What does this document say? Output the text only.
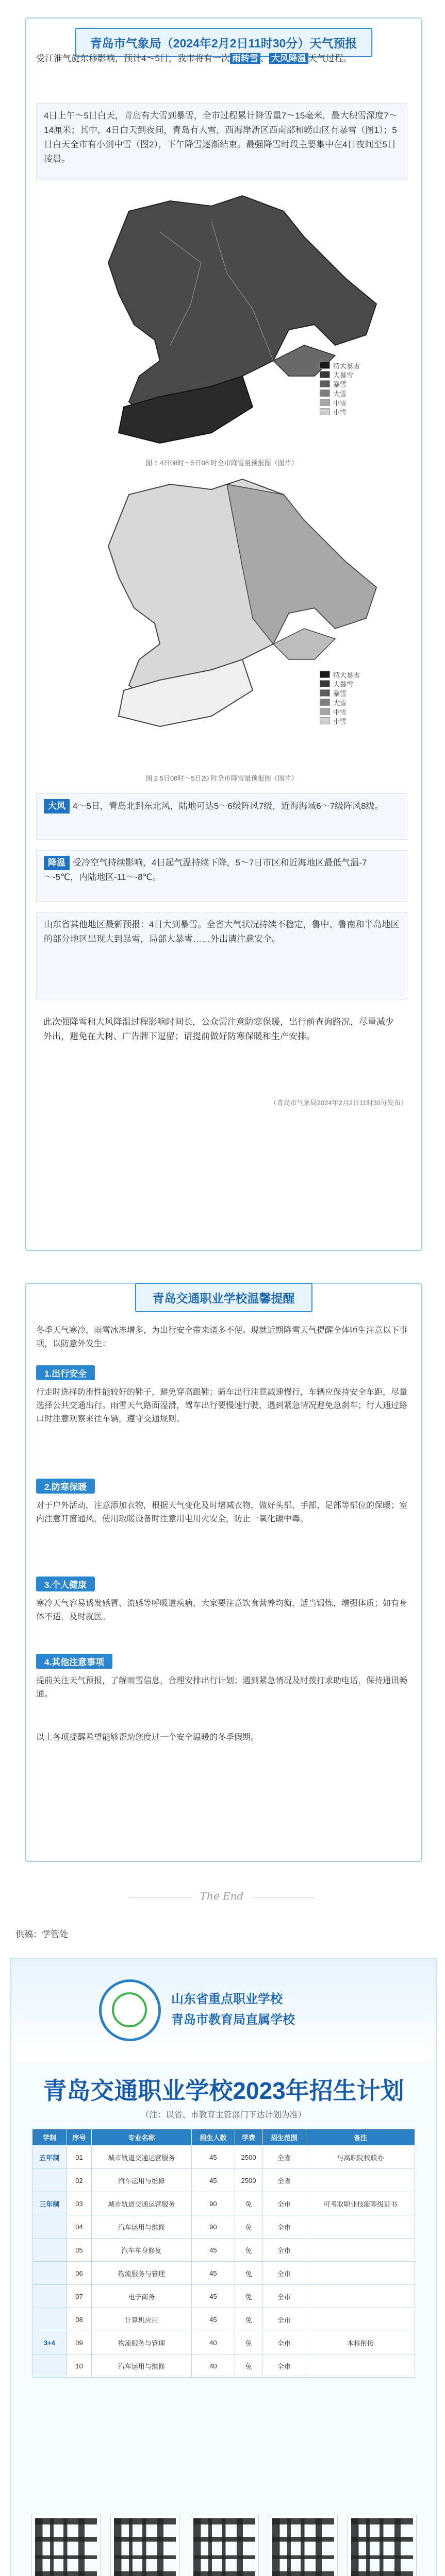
青岛市气象局（2024年2月2日11时30分）天气预报
受江淮气旋东移影响，预计4～5日，我市将有一次 雨转雪 、 大风降温 天气过程。
4日上午～5日白天，青岛有大雪到暴雪，全市过程累计降雪量7～15毫米，最大积雪深度7～14厘米；其中，4日白天到夜间，青岛有大雪，西海岸新区西南部和崂山区有暴雪（图1）；5日白天全市有小到中雪（图2），下午降雪逐渐结束。最强降雪时段主要集中在4日夜间至5日凌晨。
特大暴雪
大暴雪
暴雪
大雪
中雪
小雪
图 1 4日08时～5日08 时全市降雪量预报图（图片）
特大暴雪
大暴雪
暴雪
大雪
中雪
小雪
图 2 5日08时～5日20 时全市降雪量预报图（图片）
大风 4～5日，青岛北到东北风，陆地可达5～6级阵风7级，近海海域6～7级阵风8级。
降温 受冷空气持续影响，4日起气温持续下降，5～7日市区和近海地区最低气温-7～-5℃，内陆地区-11～-8℃。
山东省其他地区最新预报：4日大到暴雪。全省大气状况持续不稳定，鲁中、鲁南和半岛地区的部分地区出现大到暴雪，局部大暴雪……外出请注意安全。
此次强降雪和大风降温过程影响时间长，公众需注意防寒保暖，出行前查询路况，尽量减少外出，避免在大树、广告牌下逗留；请提前做好防寒保暖和生产安排。
（青岛市气象局2024年2月2日11时30分发布）
青岛交通职业学校温馨提醒
冬季天气寒冷，雨雪冰冻增多，为出行安全带来诸多不便。现就近期降雪天气提醒全体师生注意以下事项，以防意外发生：
1.出行安全
行走时选择防滑性能较好的鞋子，避免穿高跟鞋；骑车出行注意减速慢行，车辆应保持安全车距，尽量选择公共交通出行。雨雪天气路面湿滑，驾车出行要慢速行驶，遇到紧急情况避免急刹车；行人通过路口时注意观察来往车辆，遵守交通规则。
2.防寒保暖
对于户外活动，注意添加衣物，根据天气变化及时增减衣物，做好头部、手部、足部等部位的保暖；室内注意开窗通风，使用取暖设备时注意用电用火安全，防止一氧化碳中毒。
3.个人健康
寒冷天气容易诱发感冒、流感等呼吸道疾病，大家要注意饮食营养均衡，适当锻炼，增强体质；如有身体不适，及时就医。
4.其他注意事项
提前关注天气预报，了解雨雪信息，合理安排出行计划；遇到紧急情况及时拨打求助电话，保持通讯畅通。
以上各项提醒希望能够帮助您度过一个安全温暖的冬季假期。
The End
供稿：学管处
山东省重点职业学校
青岛市教育局直属学校
青岛交通职业学校2023年招生计划
（注：以省、市教育主管部门下达计划为准）
学制	序号	专业名称	招生人数	学费	招生范围	备注
五年制	01	城市轨道交通运营服务	45	2500	全省	与高职院校联办
	02	汽车运用与维修	45	2500	全省	
三年制	03	城市轨道交通运营服务	90	免	全市	可考取职业技能等级证书
	04	汽车运用与维修	90	免	全市	
	05	汽车车身修复	45	免	全市	
	06	物流服务与管理	45	免	全市	
	07	电子商务	45	免	全市	
	08	计算机应用	45	免	全市	
3+4	09	物流服务与管理	40	免	全市	本科衔接
	10	汽车运用与维修	40	免	全市	
